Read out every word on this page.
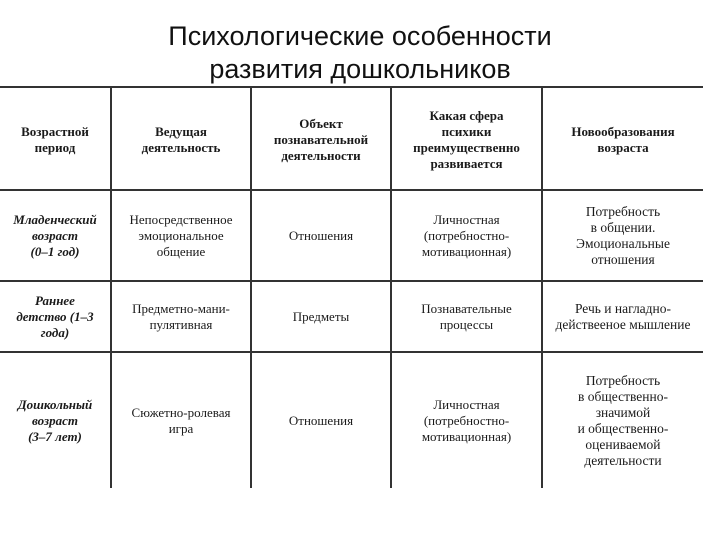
Психологические особенности
развития дошкольников
Возрастной
период
Ведущая
деятельность
Объект
познавательной
деятельности
Какая сфера
психики
преимущественно
развивается
Новообразования
возраста
Младенческий
возраст
(0–1 год)
Непосредственное
эмоциональное
общение
Отношения
Личностная
(потребностно-
мотивационная)
Потребность
в общении.
Эмоциональные
отношения
Раннее
детство (1–3
года)
Предметно-мани-
пулятивная
Предметы
Познавательные
процессы
Речь и нагладно-
действееное мышление
Дошкольный
возраст
(3–7 лет)
Сюжетно-ролевая
игра
Отношения
Личностная
(потребностно-
мотивационная)
Потребность
в общественно-
значимой
и общественно-
оцениваемой
деятельности
